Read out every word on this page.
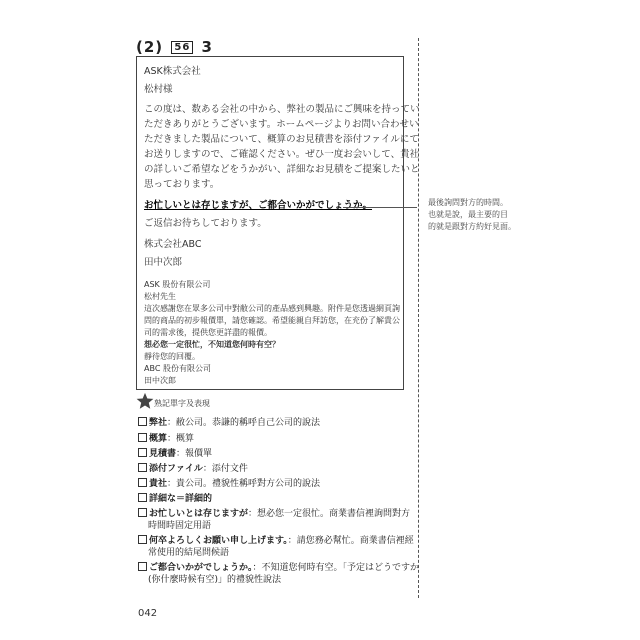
(2) 56 3
ASK株式会社
松村様
この度は、数ある会社の中から、弊社の製品にご興味を持ってい
ただきありがとうございます。ホームページよりお問い合わせい
ただきました製品について、概算のお見積書を添付ファイルにて
お送りしますので、ご確認ください。ぜひ一度お会いして、貴社
の詳しいご希望などをうかがい、詳細なお見積をご提案したいと
思っております。
お忙しいとは存じますが、ご都合いかがでしょうか。
ご返信お待ちしております。
株式会社ABC
田中次郎
ASK 股份有限公司
松村先生
這次感謝您在眾多公司中對敝公司的產品感到興趣。附件是您透過網頁詢
問的商品的初步報價單，請您確認。希望能親自拜訪您，在充份了解貴公
司的需求後，提供您更詳盡的報價。
想必您一定很忙，不知道您何時有空？
靜待您的回覆。
ABC 股份有限公司
田中次郎
最後詢問對方的時間。
也就是說，最主要的目
的就是跟對方約好見面。
熟記單字及表現
弊社：敝公司。恭謙的稱呼自己公司的說法
概算：概算
見積書：報價單
添付ファイル：添付文件
貴社：貴公司。禮貌性稱呼對方公司的說法
詳細な＝詳細的
お忙しいとは存じますが：想必您一定很忙。商業書信裡詢問對方
時間時固定用語
何卒よろしくお願い申し上げます。：請您務必幫忙。商業書信裡經
常使用的結尾問候語
ご都合いかがでしょうか。：不知道您何時有空。「予定はどうですか
(你什麼時候有空)」的禮貌性說法
042
